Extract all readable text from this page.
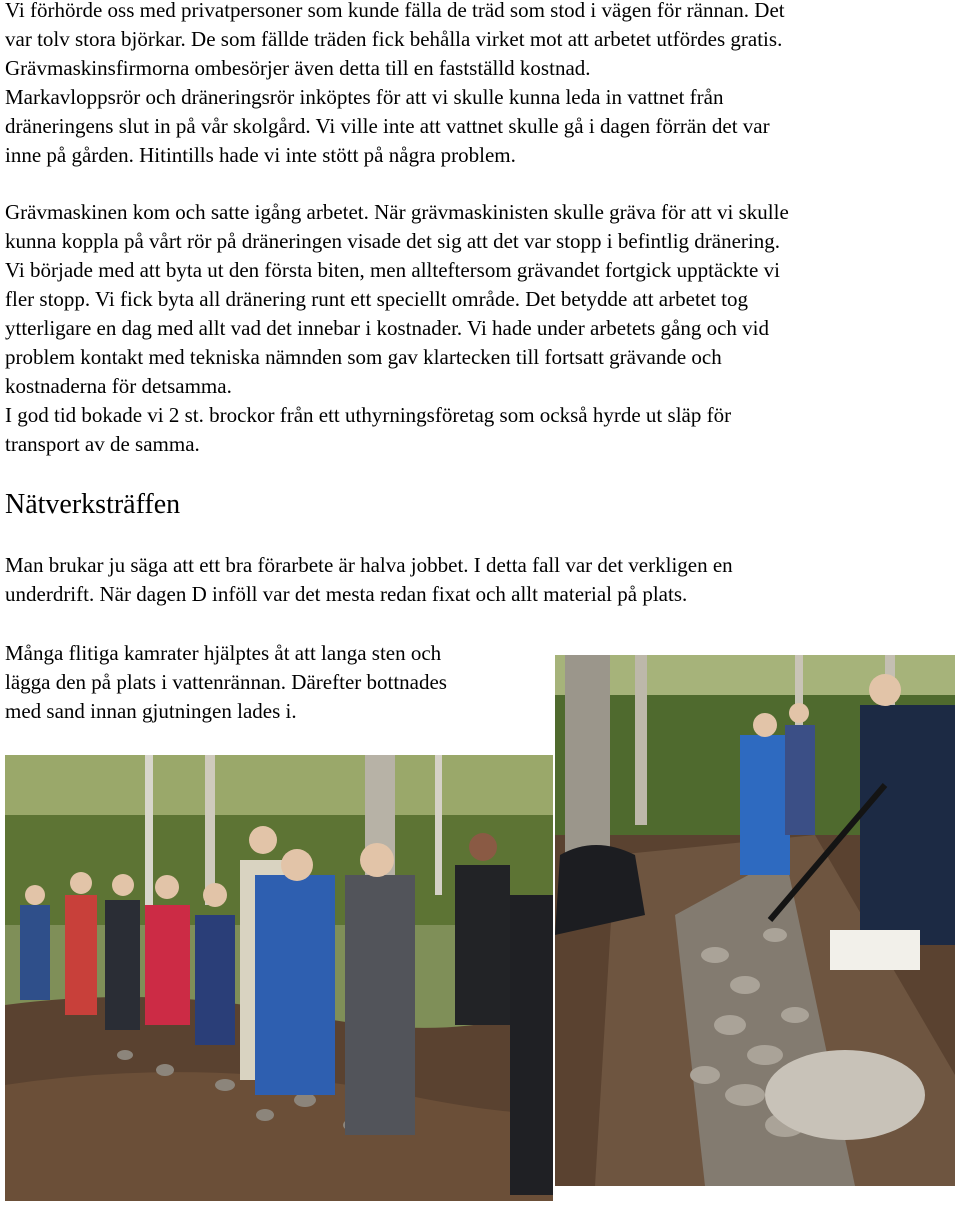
Vi förhörde oss med privatpersoner som kunde fälla de träd som stod i vägen för rännan. Det
var tolv stora björkar. De som fällde träden fick behålla virket mot att arbetet utfördes gratis.
Grävmaskinsfirmorna ombesörjer även detta till en fastställd kostnad.
Markavloppsrör och dräneringsrör inköptes för att vi skulle kunna leda in vattnet från
dräneringens slut in på vår skolgård. Vi ville inte att vattnet skulle gå i dagen förrän det var
inne på gården. Hitintills hade vi inte stött på några problem.

Grävmaskinen kom och satte igång arbetet. När grävmaskinisten skulle gräva för att vi skulle
kunna koppla på vårt rör på dräneringen visade det sig att det var stopp i befintlig dränering.
Vi började med att byta ut den första biten, men allteftersom grävandet fortgick upptäckte vi
fler stopp. Vi fick byta all dränering runt ett speciellt område. Det betydde att arbetet tog
ytterligare en dag med allt vad det innebar i kostnader. Vi hade under arbetets gång och vid
problem kontakt med tekniska nämnden som gav klartecken till fortsatt grävande och
kostnaderna för detsamma.
I god tid bokade vi 2 st. brockor från ett uthyrningsföretag som också hyrde ut släp för
transport av de samma.

Nätverksträffen

Man brukar ju säga att ett bra förarbete är halva jobbet. I detta fall var det verkligen en
underdrift. När dagen D inföll var det mesta redan fixat och allt material på plats.

Många flitiga kamrater hjälptes åt att langa sten och
lägga den på plats i vattenrännan. Därefter bottnades
med sand innan gjutningen lades i.
